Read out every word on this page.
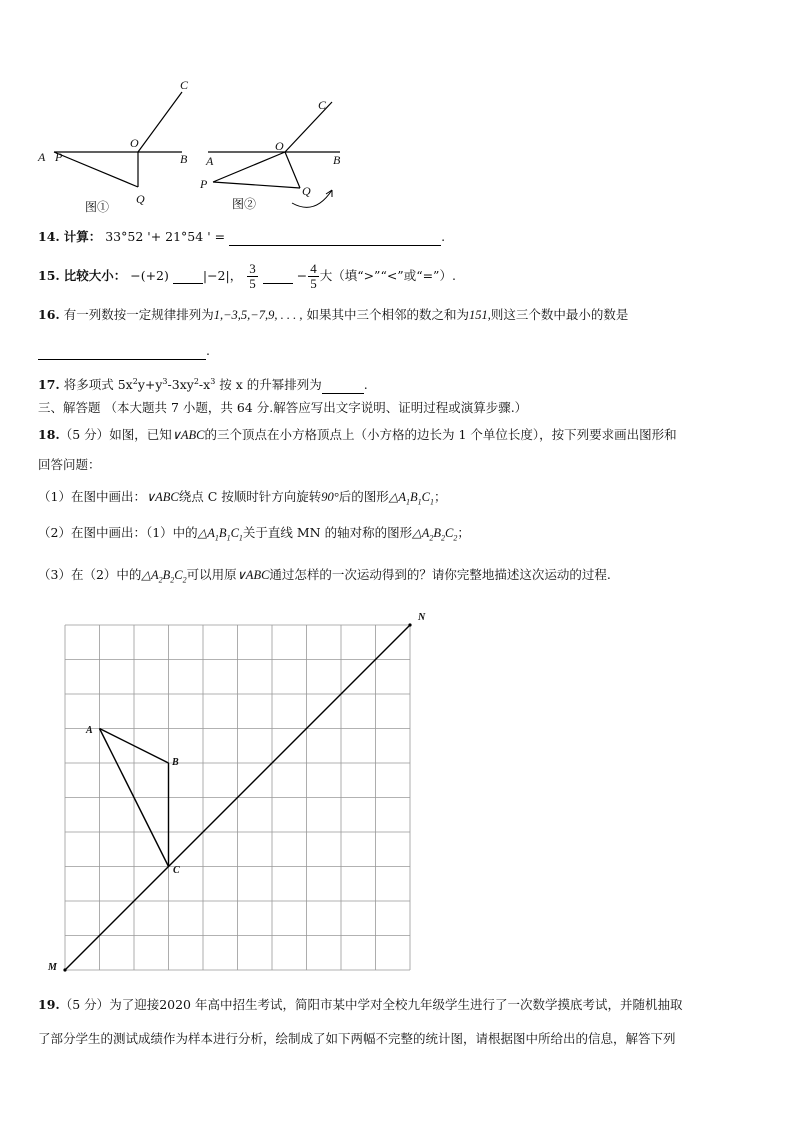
A P
O
B
C
Q
图①
A
P
O
B
C
Q
图②
14. 计算： 33°52 '+ 21°54 ' =	.
15. 比较大小： −(+2)	|−2|， $\frac{3}{5}$	− $\frac{4}{5}$ 大（填“>”“<”或“=”）.
16. 有一列数按一定规律排列为1,−3,5,−7,9, . . . , 如果其中三个相邻的数之和为151,则这三个数中最小的数是
.
17. 将多项式 $5x^2y+y^3-3xy^2-x^3$ 按 x 的升幂排列为	.
三、解答题 （本大题共 7 小题，共 64 分.解答应写出文字说明、证明过程或演算步骤.）
18.（5 分）如图，已知∨ABC的三个顶点在小方格顶点上（小方格的边长为 1 个单位长度），按下列要求画出图形和
回答问题：
（1）在图中画出：∨ABC绕点 C 按顺时针方向旋转90°后的图形$\triangle A_1B_1C_1$；
（2）在图中画出：（1）中的$\triangle A_1B_1C_1$关于直线 MN 的轴对称的图形$\triangle A_2B_2C_2$；
（3）在（2）中的$\triangle A_2B_2C_2$可以用原∨ABC通过怎样的一次运动得到的？请你完整地描述这次运动的过程.
N
A
B
C
M
19.（5 分）为了迎接2020 年高中招生考试，简阳市某中学对全校九年级学生进行了一次数学摸底考试，并随机抽取
了部分学生的测试成绩作为样本进行分析，绘制成了如下两幅不完整的统计图，请根据图中所给出的信息，解答下列
